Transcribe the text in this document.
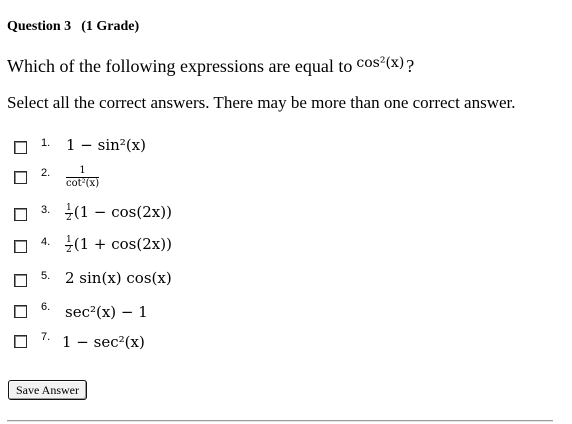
Question 3 (1 Grade)
Which of the following expressions are equal to $^{cos^2(x)}$ ?
Select all the correct answers. There may be more than one correct answer.
1. 1 − sin²(x)
2. $\frac{1}{\text{cot²(x)}}$
3. $\frac{1}{2} (1 - \cos(2x))$
4. $\frac{1}{2} (1 + \cos(2x))$
5. 2 sin(x) cos(x)
6. sec²(x) − 1
7. 1 − sec²(x)
Save Answer
